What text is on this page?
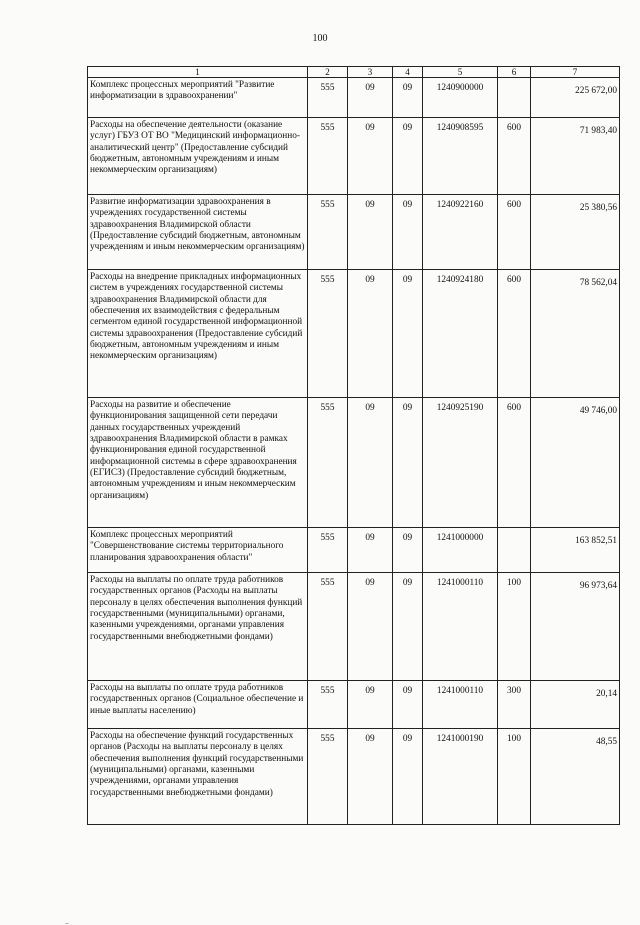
100
1	2	3	4	5	6	7
Комплекс процессных мероприятий "Развитие информатизации в здравоохранении"	555	09	09	1240900000		225 672,00
Расходы на обеспечение деятельности (оказание услуг) ГБУЗ ОТ ВО "Медицинский информационно-аналитический центр" (Предоставление субсидий бюджетным, автономным учреждениям и иным некоммерческим организациям)	555	09	09	1240908595	600	71 983,40
Развитие информатизации здравоохранения в учреждениях государственной системы здравоохранения Владимирской области (Предоставление субсидий бюджетным, автономным учреждениям и иным некоммерческим организациям)	555	09	09	1240922160	600	25 380,56
Расходы на внедрение прикладных информационных систем в учреждениях государственной системы здравоохранения Владимирской области для обеспечения их взаимодействия с федеральным сегментом единой государственной информационной системы здравоохранения (Предоставление субсидий бюджетным, автономным учреждениям и иным некоммерческим организациям)	555	09	09	1240924180	600	78 562,04
Расходы на развитие и обеспечение функционирования защищенной сети передачи данных государственных учреждений здравоохранения Владимирской области в рамках функционирования единой государственной информационной системы в сфере здравоохранения (ЕГИСЗ) (Предоставление субсидий бюджетным, автономным учреждениям и иным некоммерческим организациям)	555	09	09	1240925190	600	49 746,00
Комплекс процессных мероприятий "Совершенствование системы территориального планирования здравоохранения области"	555	09	09	1241000000		163 852,51
Расходы на выплаты по оплате труда работников государственных органов (Расходы на выплаты персоналу в целях обеспечения выполнения функций государственными (муниципальными) органами, казенными учреждениями, органами управления государственными внебюджетными фондами)	555	09	09	1241000110	100	96 973,64
Расходы на выплаты по оплате труда работников государственных органов (Социальное обеспечение и иные выплаты населению)	555	09	09	1241000110	300	20,14
Расходы на обеспечение функций государственных органов (Расходы на выплаты персоналу в целях обеспечения выполнения функций государственными (муниципальными) органами, казенными учреждениями, органами управления государственными внебюджетными фондами)	555	09	09	1241000190	100	48,55
